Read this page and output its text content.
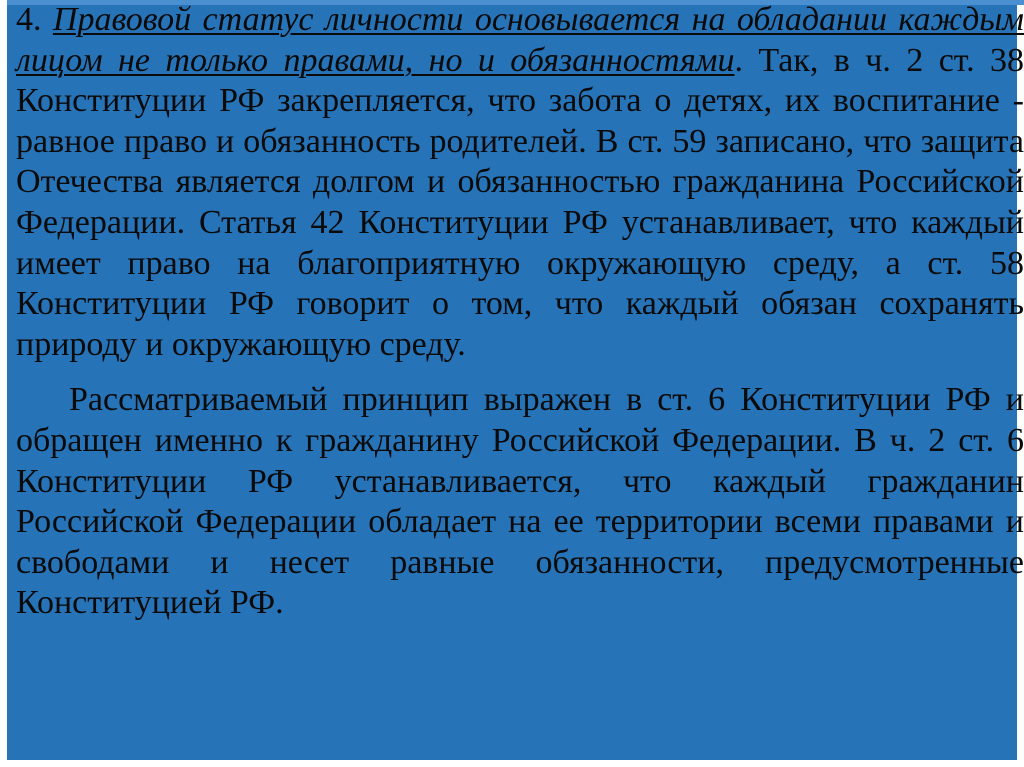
4. Правовой статус личности основывается на обладании каждым лицом не только правами, но и обязанностями. Так, в ч. 2 ст. 38 Конституции РФ закрепляется, что забота о детях, их воспитание - равное право и обязанность родителей. В ст. 59 записано, что защита Отечества является долгом и обязанностью гражданина Российской Федерации. Статья 42 Конституции РФ устанавливает, что каждый имеет право на благоприятную окружающую среду, а ст. 58 Конституции РФ говорит о том, что каждый обязан сохранять природу и окружающую среду.

Рассматриваемый принцип выражен в ст. 6 Конституции РФ и обращен именно к гражданину Российской Федерации. В ч. 2 ст. 6 Конституции РФ устанавливается, что каждый гражданин Российской Федерации обладает на ее территории всеми правами и свободами и несет равные обязанности, предусмотренные Конституцией РФ.
